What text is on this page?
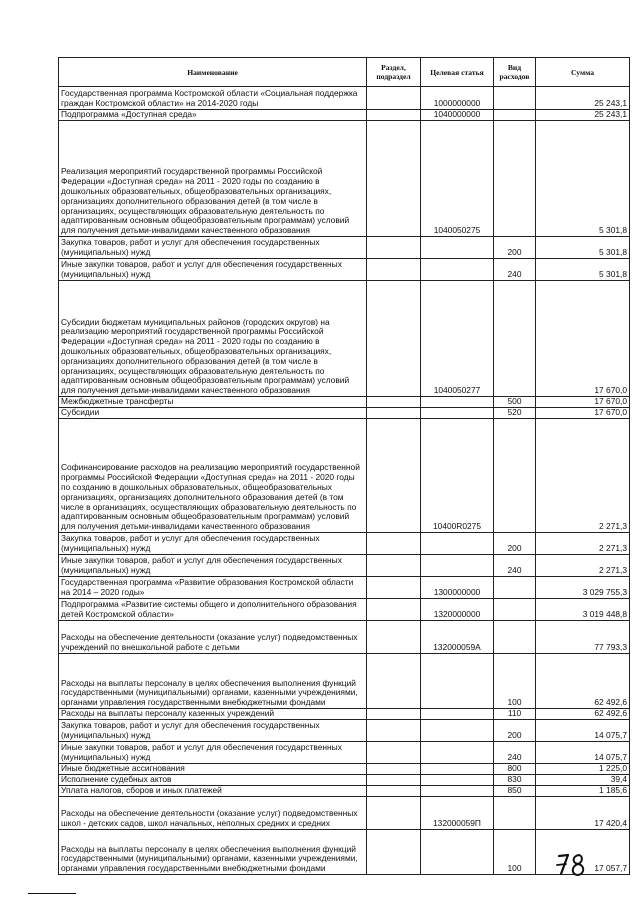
Наименование	Раздел, подраздел	Целевая статья	Вид расходов	Сумма
Государственная программа Костромской области «Социальная поддержка граждан Костромской области» на 2014-2020 годы		1000000000		25 243,1
Подпрограмма «Доступная среда»		1040000000		25 243,1
Реализация мероприятий государственной программы Российской Федерации «Доступная среда» на 2011 - 2020 годы по созданию в дошкольных образовательных, общеобразовательных организациях, организациях дополнительного образования детей (в том числе в организациях, осуществляющих образовательную деятельность по адаптированным основным общеобразовательным программам) условий для получения детьми-инвалидами качественного образования		1040050275		5 301,8
Закупка товаров, работ и услуг для обеспечения государственных (муниципальных) нужд			200	5 301,8
Иные закупки товаров, работ и услуг для обеспечения государственных (муниципальных) нужд			240	5 301,8
Субсидии бюджетам муниципальных районов (городских округов) на реализацию мероприятий государственной программы Российской Федерации «Доступная среда» на 2011 - 2020 годы по созданию в дошкольных образовательных, общеобразовательных организациях, организациях дополнительного образования детей (в том числе в организациях, осуществляющих образовательную деятельность по адаптированным основным общеобразовательным программам) условий для получения детьми-инвалидами качественного образования		1040050277		17 670,0
Межбюджетные трансферты			500	17 670,0
Субсидии			520	17 670,0
Софинансирование расходов на реализацию мероприятий государственной программы Российской Федерации «Доступная среда» на 2011 - 2020 годы по созданию в дошкольных образовательных, общеобразовательных организациях, организациях дополнительного образования детей (в том числе в организациях, осуществляющих образовательную деятельность по адаптированным основным общеобразовательным программам) условий для получения детьми-инвалидами качественного образования		10400R0275		2 271,3
Закупка товаров, работ и услуг для обеспечения государственных (муниципальных) нужд			200	2 271,3
Иные закупки товаров, работ и услуг для обеспечения государственных (муниципальных) нужд			240	2 271,3
Государственная программа «Развитие образования Костромской области на 2014 – 2020 годы»		1300000000		3 029 755,3
Подпрограмма «Развитие системы общего и дополнительного образования детей Костромской области»		1320000000		3 019 448,8
Расходы на обеспечение деятельности (оказание услуг) подведомственных учреждений по внешкольной работе с детьми		132000059А		77 793,3
Расходы на выплаты персоналу в целях обеспечения выполнения функций государственными (муниципальными) органами, казенными учреждениями, органами управления государственными внебюджетными фондами			100	62 492,6
Расходы на выплаты персоналу казенных учреждений			110	62 492,6
Закупка товаров, работ и услуг для обеспечения государственных (муниципальных) нужд			200	14 075,7
Иные закупки товаров, работ и услуг для обеспечения государственных (муниципальных) нужд			240	14 075,7
Иные бюджетные ассигнования			800	1 225,0
Исполнение судебных актов			830	39,4
Уплата налогов, сборов и иных платежей			850	1 185,6
Расходы на обеспечение деятельности (оказание услуг) подведомственных школ - детских садов, школ начальных, неполных средних и средних		132000059П		17 420,4
Расходы на выплаты персоналу в целях обеспечения выполнения функций государственными (муниципальными) органами, казенными учреждениями, органами управления государственными внебюджетными фондами			100	17 057,7
